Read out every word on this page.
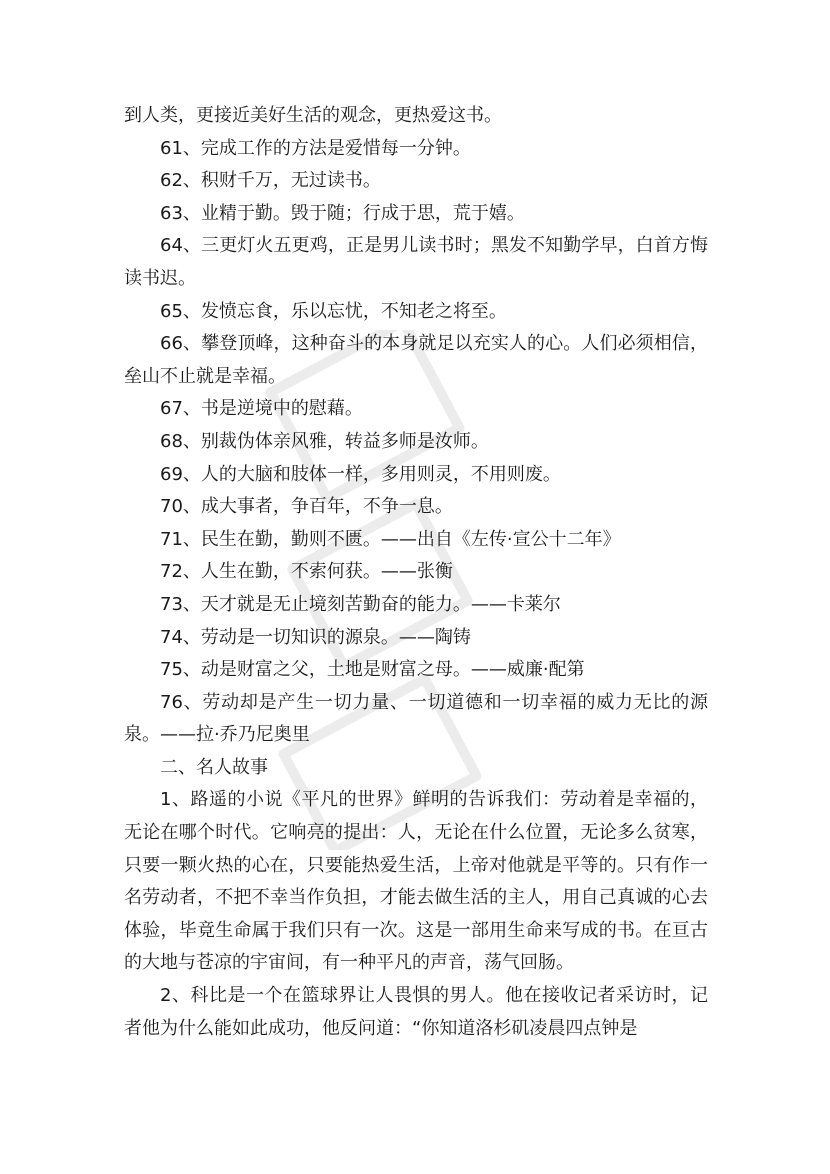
到人类，更接近美好生活的观念，更热爱这书。

61、完成工作的方法是爱惜每一分钟。

62、积财千万，无过读书。

63、业精于勤。毁于随；行成于思，荒于嬉。

64、三更灯火五更鸡，正是男儿读书时；黑发不知勤学早，白首方悔读书迟。

65、发愤忘食，乐以忘忧，不知老之将至。

66、攀登顶峰，这种奋斗的本身就足以充实人的心。人们必须相信，垒山不止就是幸福。

67、书是逆境中的慰藉。

68、别裁伪体亲风雅，转益多师是汝师。

69、人的大脑和肢体一样，多用则灵，不用则废。

70、成大事者，争百年，不争一息。

71、民生在勤，勤则不匮。——出自《左传·宣公十二年》

72、人生在勤，不索何获。——张衡

73、天才就是无止境刻苦勤奋的能力。——卡莱尔

74、劳动是一切知识的源泉。——陶铸

75、动是财富之父，土地是财富之母。——威廉·配第

76、劳动却是产生一切力量、一切道德和一切幸福的威力无比的源泉。——拉·乔乃尼奥里

二、名人故事

1、路遥的小说《平凡的世界》鲜明的告诉我们：劳动着是幸福的，无论在哪个时代。它响亮的提出：人，无论在什么位置，无论多么贫寒，只要一颗火热的心在，只要能热爱生活，上帝对他就是平等的。只有作一名劳动者，不把不幸当作负担，才能去做生活的主人，用自己真诚的心去体验，毕竟生命属于我们只有一次。这是一部用生命来写成的书。在亘古的大地与苍凉的宇宙间，有一种平凡的声音，荡气回肠。

2、科比是一个在篮球界让人畏惧的男人。他在接收记者采访时，记者他为什么能如此成功，他反问道：“你知道洛杉矶凌晨四点钟是
